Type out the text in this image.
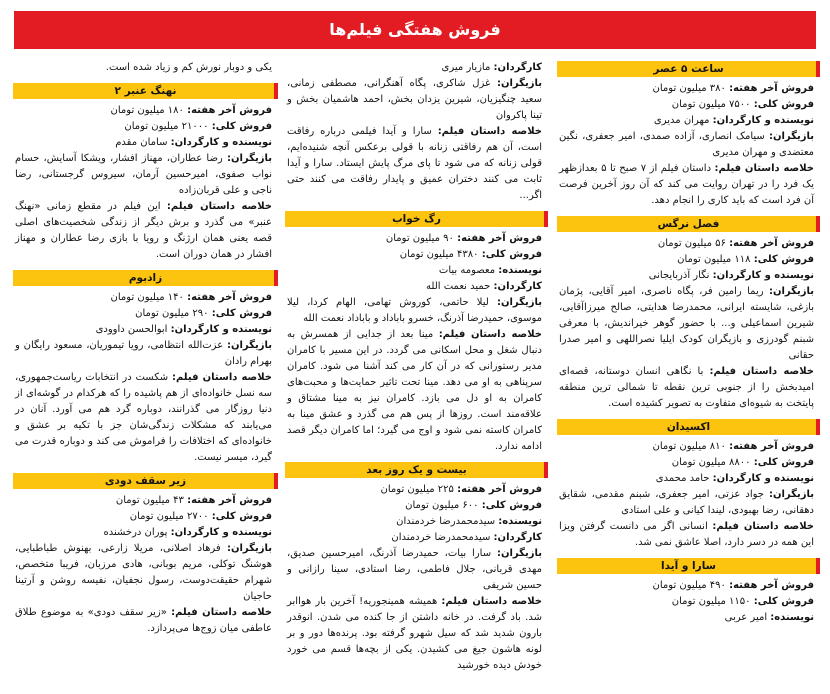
فروش هفتگی فیلم‌ها
ساعت ۵ عصر
فروش آخر هفته: ۳۸۰ میلیون تومان
فروش کلی: ۷۵۰۰ میلیون تومان
نویسنده و کارگردان: مهران مدیری
بازیگران: سیامک انصاری، آزاده صمدی، امیر جعفری، نگین معتضدی و مهران مدیری
خلاصه داستان فیلم: داستان فیلم از ۷ صبح تا ۵ بعدازظهر یک فرد را در تهران روایت می کند که آن روز آخرین فرصت آن فرد است که باید کاری را انجام دهد.
فصل نرگس
فروش آخر هفته: ۵۶ میلیون تومان
فروش کلی: ۱۱۸ میلیون تومان
نویسنده و کارگردان: نگار آذربایجانی
بازیگران: ریما رامین فر، پگاه ناصری، امیر آقایی، پژمان بازغی، شایسته ایرانی، محمدرضا هدایتی، صالح میرزاآقایی، شیرین اسماعیلی و... با حضور گوهر خیراندیش، با معرفی شبنم گودرزی و بازیگران کودک ایلیا نصراللهی و امیر صدرا حقانی
خلاصه داستان فیلم: با نگاهی انسان دوستانه، قصه‌ای امیدبخش را از جنوبی ترین نقطه تا شمالی ترین منطقه پایتخت به شیوه‌ای متفاوت به تصویر کشیده است.
اکسیدان
فروش آخر هفته: ۸۱۰ میلیون تومان
فروش کلی: ۸۸۰۰ میلیون تومان
نویسنده و کارگردان: حامد محمدی
بازیگران: جواد عزتی، امیر جعفری، شبنم مقدمی، شقایق دهقانی، رضا بهبودی، لیندا کیانی و علی استادی
خلاصه داستان فیلم: انسانی اگر می دانست گرفتن ویزا این همه در دسر دارد، اصلا عاشق نمی شد.
سارا و آیدا
فروش آخر هفته: ۴۹۰ میلیون تومان
فروش کلی: ۱۱۵۰ میلیون تومان
نویسنده: امیر عربی
کارگردان: مازیار میری
بازیگران: غزل شاکری، پگاه آهنگرانی، مصطفی زمانی، سعید چنگیزیان، شیرین یزدان بخش، احمد هاشمیان بخش و تینا پاکروان
خلاصه داستان فیلم: سارا و آیدا فیلمی درباره رفاقت است، آن هم رفاقتی زنانه با قولی برعکس آنچه شنیده‌ایم، قولی زنانه که می شود تا پای مرگ پایش ایستاد. سارا و آیدا ثابت می کنند دختران عمیق و پایدار رفاقت می کنند حتی اگر...
رگ خواب
فروش آخر هفته: ۹۰ میلیون تومان
فروش کلی: ۴۳۸۰ میلیون تومان
نویسنده: معصومه بیات
کارگردان: حمید نعمت الله
بازیگران: لیلا حاتمی، کوروش تهامی، الهام کردا، لیلا موسوی، حمیدرضا آذرنگ، خسرو باباداد و باباداد نعمت الله
خلاصه داستان فیلم: مینا بعد از جدایی از همسرش به دنبال شغل و محل اسکانی می گردد. در این مسیر با کامران مدیر رستورانی که در آن کار می کند آشنا می شود. کامران سرپناهی به او می دهد. مینا تحت تاثیر حمایت‌ها و محبت‌های کامران به او دل می بازد. کامران نیز به مینا مشتاق و علاقه‌مند است. روزها از پس هم می گذرد و عشق مینا به کامران کاسته نمی شود و اوج می گیرد؛ اما کامران دیگر قصد ادامه ندارد.
بیست و یک روز بعد
فروش آخر هفته: ۲۲۵ میلیون تومان
فروش کلی: ۶۰۰ میلیون تومان
نویسنده: سیدمحمدرضا خردمندان
کارگردان: سیدمحمدرضا خردمندان
بازیگران: سارا بیات، حمیدرضا آذرنگ، امیرحسین صدیق، مهدی قربانی، جلال فاطمی، رضا استادی، سینا رازانی و حسین شریفی
خلاصه داستان فیلم: همیشه همینجوریه! آخرین بار هواابر شد. باد گرفت. در خانه داشتن از جا کنده می شدن. انوقدر بارون شدید شد که سیل شهرو گرفته بود. پرنده‌ها دور و بر لونه هاشون جیغ می کشیدن. یکی از بچه‌ها قسم می خورد خودش دیده خورشید
یکی و دوبار نورش کم و زیاد شده است.
نهنگ عنبر ۲
فروش آخر هفته: ۱۸۰ میلیون تومان
فروش کلی: ۲۱۰۰۰ میلیون تومان
نویسنده و کارگردان: سامان مقدم
بازیگران: رضا عطاران، مهناز افشار، ویشکا آسایش، حسام نواب صفوی، امیرحسین آرمان، سیروس گرجستانی، رضا ناجی و علی قربان‌زاده
خلاصه داستان فیلم: این فیلم در مقطع زمانی «نهنگ عنبر» می گذرد و برش دیگر از زندگی شخصیت‌های اصلی قصه یعنی همان ارژنگ و رویا با بازی رضا عطاران و مهناز افشار در همان دوران است.
زادبوم
فروش آخر هفته: ۱۴۰ میلیون تومان
فروش کلی: ۲۹۰ میلیون تومان
نویسنده و کارگردان: ابوالحسن داوودی
بازیگران: عزت‌الله انتظامی، رویا تیموریان، مسعود رایگان و بهرام رادان
خلاصه داستان فیلم: شکست در انتخابات ریاست‌جمهوری، سه نسل خانواده‌ای از هم پاشیده را که هرکدام در گوشه‌ای از دنیا روزگار می گذرانند، دوباره گرد هم می آورد. آنان در می‌یابند که مشکلات زندگی‌شان جز با تکیه بر عشق و خانواده‌ای که اختلافات را فراموش می کند و دوباره قدرت می گیرد، میسر نیست.
زیر سقف دودی
فروش آخر هفته: ۴۳ میلیون تومان
فروش کلی: ۲۷۰۰ میلیون تومان
نویسنده و کارگردان: پوران درخشنده
بازیگران: فرهاد اصلانی، مریلا زارعی، بهنوش طباطبایی، هوشنگ توکلی، مریم بوبانی، هادی مرزبان، فریبا متخصص، شهرام حقیقت‌دوست، رسول نجفیان، نفیسه روشن و آرتینا حاجیان
خلاصه داستان فیلم: «زیر سقف دودی» به موضوع طلاق عاطفی میان زوج‌ها می‌پردازد.
